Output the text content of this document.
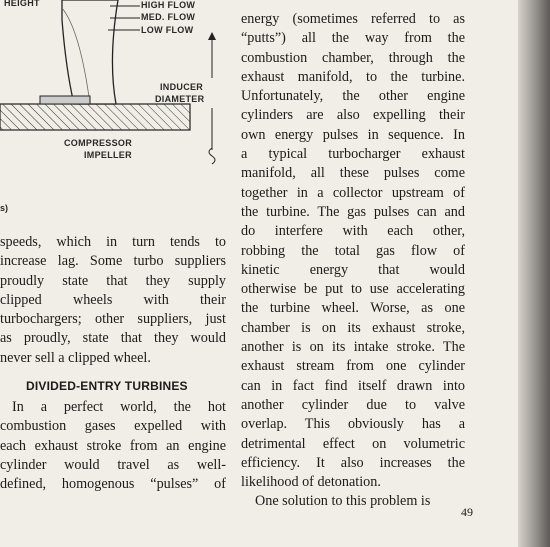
HEIGHT	HIGH FLOW
MED. FLOW
LOW FLOW
INDUCER
DIAMETER
COMPRESSOR
IMPELLER
s)
speeds, which in turn tends to
increase lag. Some turbo suppliers
proudly state that they supply
clipped wheels with their
turbochargers; other suppliers, just
as proudly, state that they would
never sell a clipped wheel.
DIVIDED-ENTRY TURBINES
In a perfect world, the hot
combustion gases expelled with
each exhaust stroke from an engine
cylinder would travel as well-
defined, homogenous “pulses” of
energy (sometimes referred to as
“putts”) all the way from the
combustion chamber, through the
exhaust manifold, to the turbine.
Unfortunately, the other engine
cylinders are also expelling their
own energy pulses in sequence. In
a typical turbocharger exhaust
manifold, all these pulses come
together in a collector upstream of
the turbine. The gas pulses can and
do interfere with each other,
robbing the total gas flow of
kinetic energy that would
otherwise be put to use accelerating
the turbine wheel. Worse, as one
chamber is on its exhaust stroke,
another is on its intake stroke. The
exhaust stream from one cylinder
can in fact find itself drawn into
another cylinder due to valve
overlap. This obviously has a
detrimental effect on volumetric
efficiency. It also increases the
likelihood of detonation.
One solution to this problem is
49
